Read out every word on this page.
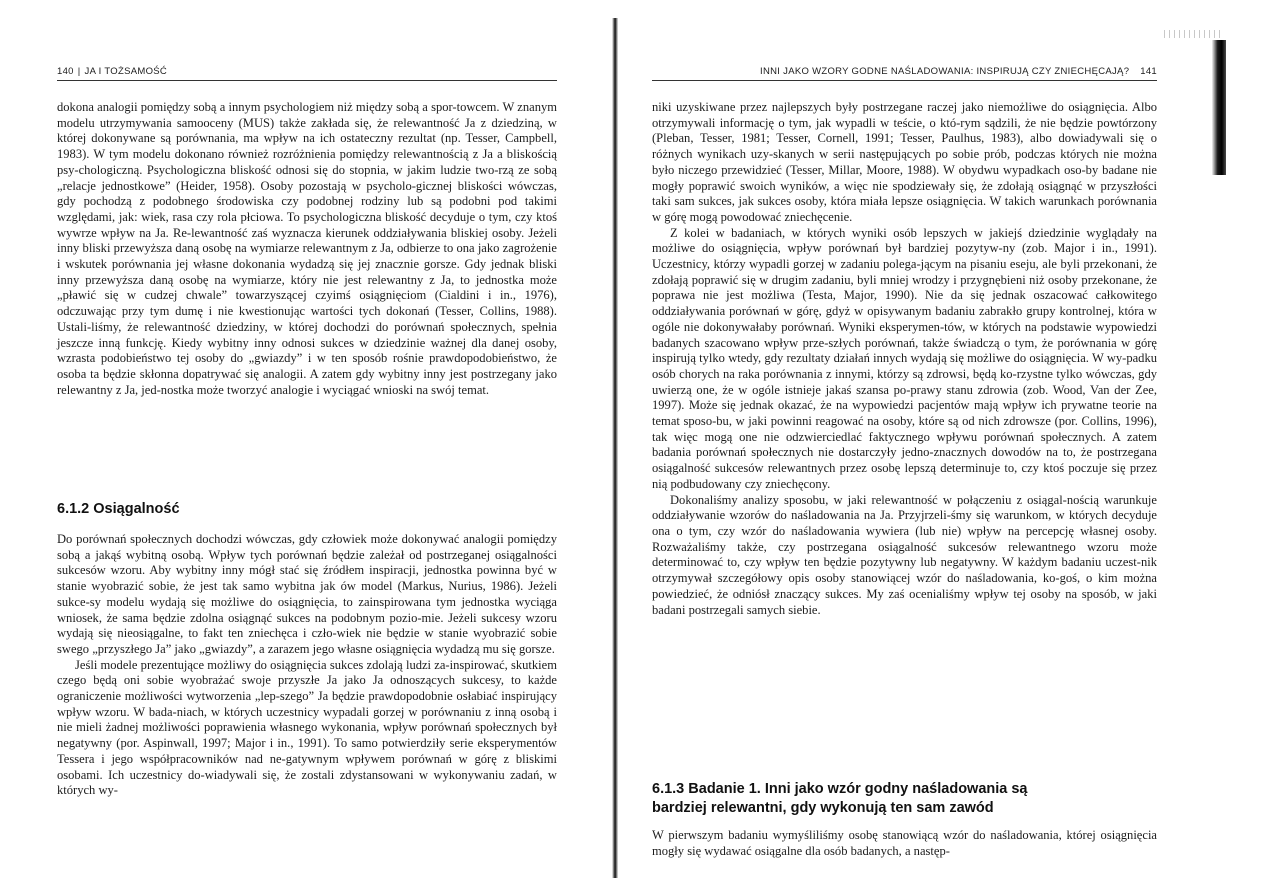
140 | JA I TOŻSAMOŚĆ

dokona analogii pomiędzy sobą a innym psychologiem niż między sobą a spor-towcem. W znanym modelu utrzymywania samooceny (MUS) także zakłada się, że relewantność Ja z dziedziną, w której dokonywane są porównania, ma wpływ na ich ostateczny rezultat (np. Tesser, Campbell, 1983). W tym modelu dokonano również rozróżnienia pomiędzy relewantnością z Ja a bliskością psy-chologiczną. Psychologiczna bliskość odnosi się do stopnia, w jakim ludzie two-rzą ze sobą „relacje jednostkowe” (Heider, 1958). Osoby pozostają w psycholo-gicznej bliskości wówczas, gdy pochodzą z podobnego środowiska czy podobnej rodziny lub są podobni pod takimi względami, jak: wiek, rasa czy rola płciowa. To psychologiczna bliskość decyduje o tym, czy ktoś wywrze wpływ na Ja. Re-lewantność zaś wyznacza kierunek oddziaływania bliskiej osoby. Jeżeli inny bliski przewyższa daną osobę na wymiarze relewantnym z Ja, odbierze to ona jako zagrożenie i wskutek porównania jej własne dokonania wydadzą się jej znacznie gorsze. Gdy jednak bliski inny przewyższa daną osobę na wymiarze, który nie jest relewantny z Ja, to jednostka może „pławić się w cudzej chwale” towarzyszącej czyimś osiągnięciom (Cialdini i in., 1976), odczuwając przy tym dumę i nie kwestionując wartości tych dokonań (Tesser, Collins, 1988). Ustali-liśmy, że relewantność dziedziny, w której dochodzi do porównań społecznych, spełnia jeszcze inną funkcję. Kiedy wybitny inny odnosi sukces w dziedzinie ważnej dla danej osoby, wzrasta podobieństwo tej osoby do „gwiazdy” i w ten sposób rośnie prawdopodobieństwo, że osoba ta będzie skłonna dopatrywać się analogii. A zatem gdy wybitny inny jest postrzegany jako relewantny z Ja, jed-nostka może tworzyć analogie i wyciągać wnioski na swój temat.

6.1.2 Osiągalność

Do porównań społecznych dochodzi wówczas, gdy człowiek może dokonywać analogii pomiędzy sobą a jakąś wybitną osobą. Wpływ tych porównań będzie zależał od postrzeganej osiągalności sukcesów wzoru. Aby wybitny inny mógł stać się źródłem inspiracji, jednostka powinna być w stanie wyobrazić sobie, że jest tak samo wybitna jak ów model (Markus, Nurius, 1986). Jeżeli sukce-sy modelu wydają się możliwe do osiągnięcia, to zainspirowana tym jednostka wyciąga wniosek, że sama będzie zdolna osiągnąć sukces na podobnym pozio-mie. Jeżeli sukcesy wzoru wydają się nieosiągalne, to fakt ten zniechęca i czło-wiek nie będzie w stanie wyobrazić sobie swego „przyszłego Ja” jako „gwiazdy”, a zarazem jego własne osiągnięcia wydadzą mu się gorsze.

Jeśli modele prezentujące możliwy do osiągnięcia sukces zdolają ludzi za-inspirować, skutkiem czego będą oni sobie wyobrażać swoje przyszłe Ja jako Ja odnoszących sukcesy, to każde ograniczenie możliwości wytworzenia „lep-szego” Ja będzie prawdopodobnie osłabiać inspirujący wpływ wzoru. W bada-niach, w których uczestnicy wypadali gorzej w porównaniu z inną osobą i nie mieli żadnej możliwości poprawienia własnego wykonania, wpływ porównań społecznych był negatywny (por. Aspinwall, 1997; Major i in., 1991). To samo potwierdziły serie eksperymentów Tessera i jego współpracowników nad ne-gatywnym wpływem porównań w górę z bliskimi osobami. Ich uczestnicy do-wiadywali się, że zostali zdystansowani w wykonywaniu zadań, w których wy-

INNI JAKO WZORY GODNE NAŚLADOWANIA: INSPIRUJĄ CZY ZNIECHĘCAJĄ? 141

niki uzyskiwane przez najlepszych były postrzegane raczej jako niemożliwe do osiągnięcia. Albo otrzymywali informację o tym, jak wypadli w teście, o któ-rym sądzili, że nie będzie powtórzony (Pleban, Tesser, 1981; Tesser, Cornell, 1991; Tesser, Paulhus, 1983), albo dowiadywali się o różnych wynikach uzy-skanych w serii następujących po sobie prób, podczas których nie można było niczego przewidzieć (Tesser, Millar, Moore, 1988). W obydwu wypadkach oso-by badane nie mogły poprawić swoich wyników, a więc nie spodziewały się, że zdołają osiągnąć w przyszłości taki sam sukces, jak sukces osoby, która miała lepsze osiągnięcia. W takich warunkach porównania w górę mogą powodować zniechęcenie.

Z kolei w badaniach, w których wyniki osób lepszych w jakiejś dziedzinie wyglądały na możliwe do osiągnięcia, wpływ porównań był bardziej pozytyw-ny (zob. Major i in., 1991). Uczestnicy, którzy wypadli gorzej w zadaniu polega-jącym na pisaniu eseju, ale byli przekonani, że zdołają poprawić się w drugim zadaniu, byli mniej wrodzy i przygnębieni niż osoby przekonane, że poprawa nie jest możliwa (Testa, Major, 1990). Nie da się jednak oszacować całkowitego oddziaływania porównań w górę, gdyż w opisywanym badaniu zabrakło grupy kontrolnej, która w ogóle nie dokonywałaby porównań. Wyniki eksperymen-tów, w których na podstawie wypowiedzi badanych szacowano wpływ prze-szłych porównań, także świadczą o tym, że porównania w górę inspirują tylko wtedy, gdy rezultaty działań innych wydają się możliwe do osiągnięcia. W wy-padku osób chorych na raka porównania z innymi, którzy są zdrowsi, będą ko-rzystne tylko wówczas, gdy uwierzą one, że w ogóle istnieje jakaś szansa po-prawy stanu zdrowia (zob. Wood, Van der Zee, 1997). Może się jednak okazać, że na wypowiedzi pacjentów mają wpływ ich prywatne teorie na temat sposo-bu, w jaki powinni reagować na osoby, które są od nich zdrowsze (por. Collins, 1996), tak więc mogą one nie odzwierciedlać faktycznego wpływu porównań społecznych. A zatem badania porównań społecznych nie dostarczyły jedno-znacznych dowodów na to, że postrzegana osiągalność sukcesów relewantnych przez osobę lepszą determinuje to, czy ktoś poczuje się przez nią podbudowany czy zniechęcony.

Dokonaliśmy analizy sposobu, w jaki relewantność w połączeniu z osiągal-nością warunkuje oddziaływanie wzorów do naśladowania na Ja. Przyjrzeli-śmy się warunkom, w których decyduje ona o tym, czy wzór do naśladowania wywiera (lub nie) wpływ na percepcję własnej osoby. Rozważaliśmy także, czy postrzegana osiągalność sukcesów relewantnego wzoru może determinować to, czy wpływ ten będzie pozytywny lub negatywny. W każdym badaniu uczest-nik otrzymywał szczegółowy opis osoby stanowiącej wzór do naśladowania, ko-goś, o kim można powiedzieć, że odniósł znaczący sukces. My zaś ocenialiśmy wpływ tej osoby na sposób, w jaki badani postrzegali samych siebie.

6.1.3 Badanie 1. Inni jako wzór godny naśladowania są
bardziej relewantni, gdy wykonują ten sam zawód

W pierwszym badaniu wymyśliliśmy osobę stanowiącą wzór do naśladowania, której osiągnięcia mogły się wydawać osiągalne dla osób badanych, a następ-
